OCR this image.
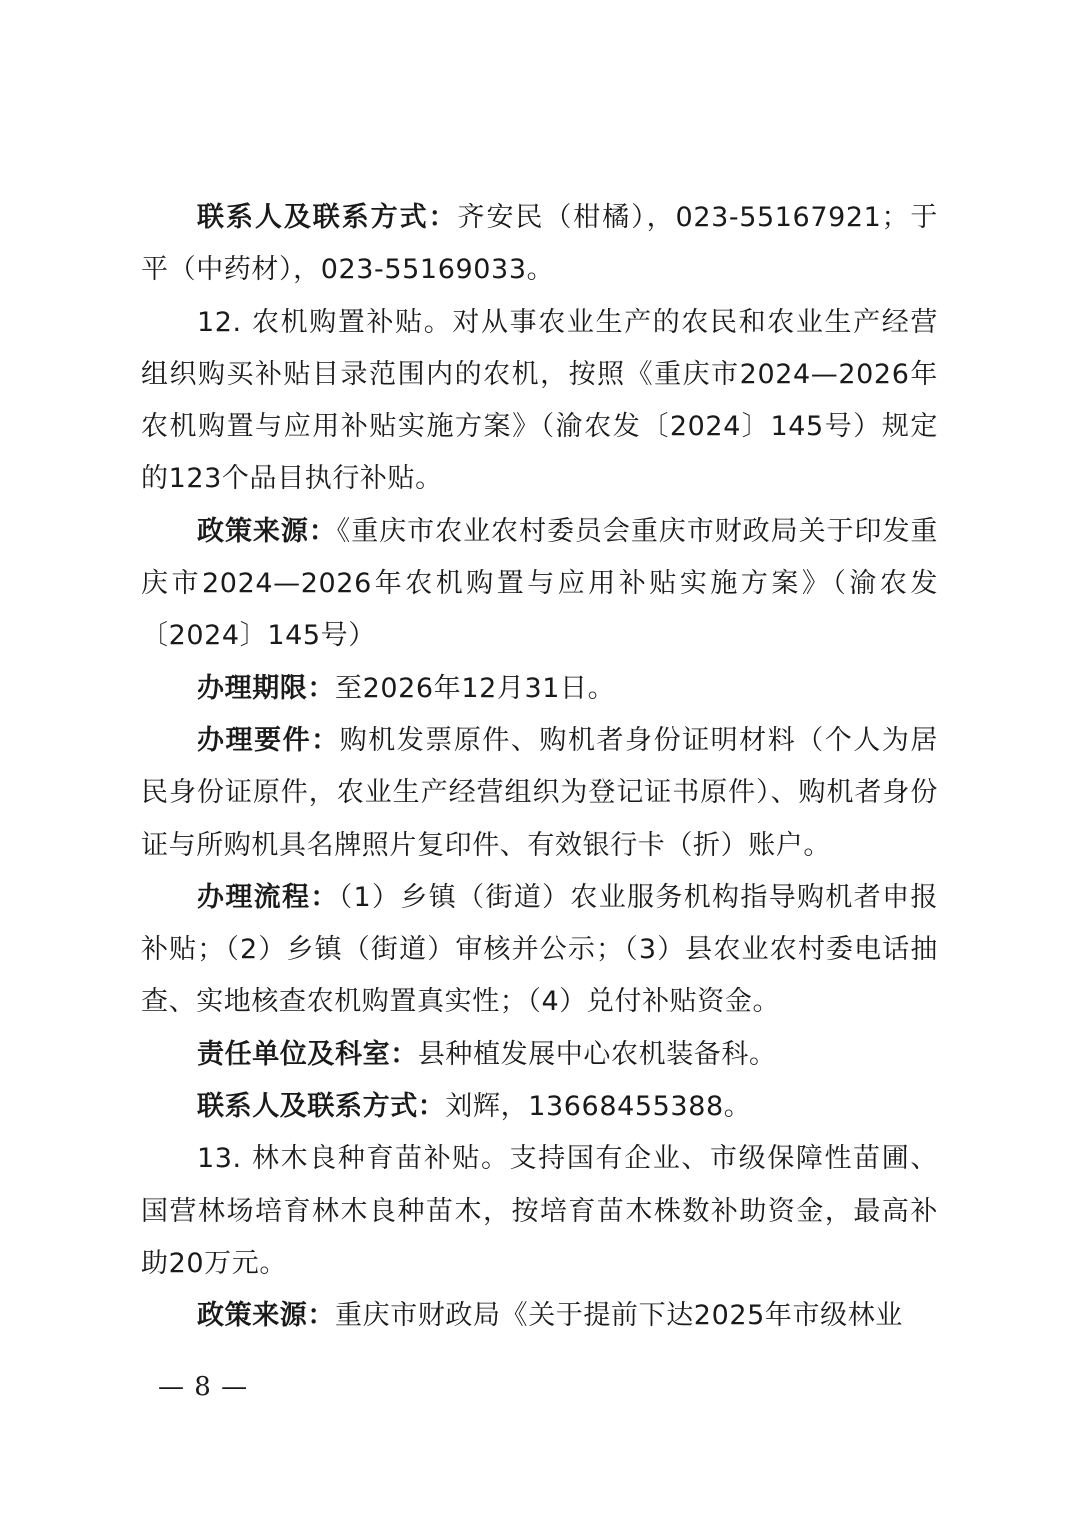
联系人及联系方式：齐安民（柑橘），023-55167921；于平（中药材），023-55169033。

12. 农机购置补贴。对从事农业生产的农民和农业生产经营组织购买补贴目录范围内的农机，按照《重庆市2024—2026年农机购置与应用补贴实施方案》（渝农发〔2024〕145号）规定的123个品目执行补贴。

政策来源：《重庆市农业农村委员会重庆市财政局关于印发重庆市2024—2026年农机购置与应用补贴实施方案》（渝农发〔2024〕145号）

办理期限：至2026年12月31日。

办理要件：购机发票原件、购机者身份证明材料（个人为居民身份证原件，农业生产经营组织为登记证书原件）、购机者身份证与所购机具名牌照片复印件、有效银行卡（折）账户。

办理流程：（1）乡镇（街道）农业服务机构指导购机者申报补贴；（2）乡镇（街道）审核并公示；（3）县农业农村委电话抽查、实地核查农机购置真实性；（4）兑付补贴资金。

责任单位及科室：县种植发展中心农机装备科。

联系人及联系方式：刘辉，13668455388。

13. 林木良种育苗补贴。支持国有企业、市级保障性苗圃、国营林场培育林木良种苗木，按培育苗木株数补助资金，最高补助20万元。

政策来源：重庆市财政局《关于提前下达2025年市级林业

— 8 —
